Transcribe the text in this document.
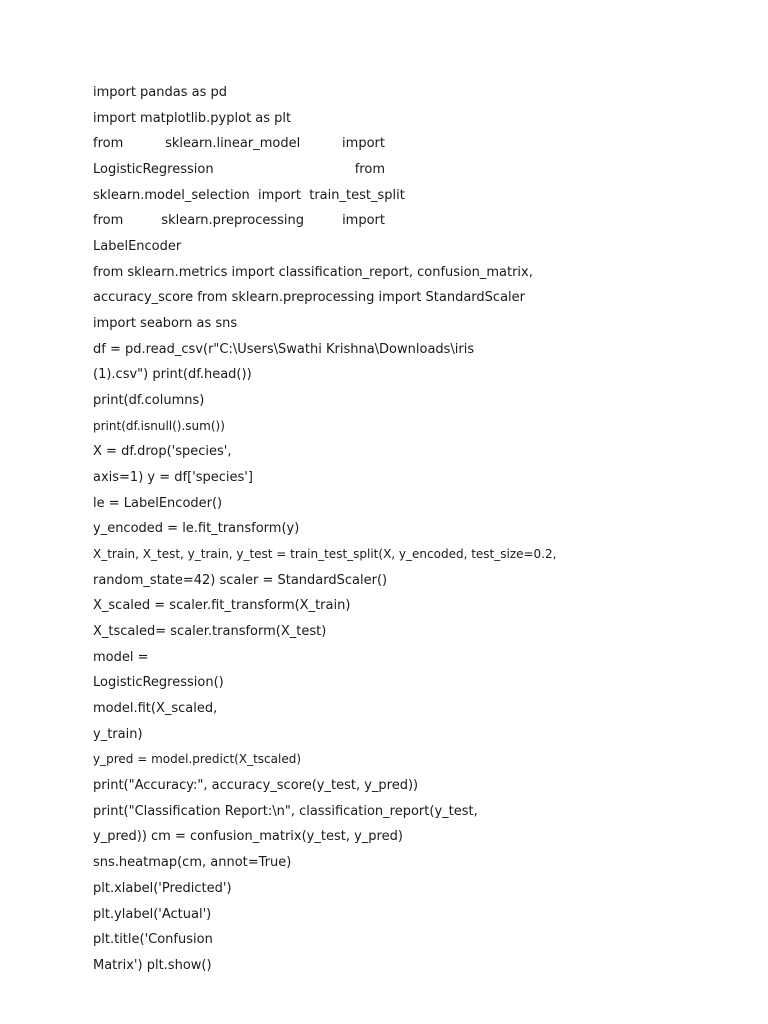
import pandas as pd
import matplotlib.pyplot as plt
from	sklearn.linear_model	import
LogisticRegression	from
sklearn.model_selection  import  train_test_split
from	sklearn.preprocessing	import
LabelEncoder
from sklearn.metrics import classification_report, confusion_matrix,
accuracy_score from sklearn.preprocessing import StandardScaler
import seaborn as sns
df = pd.read_csv(r"C:\Users\Swathi Krishna\Downloads\iris
(1).csv") print(df.head())
print(df.columns)
print(df.isnull().sum())
X = df.drop('species',
axis=1) y = df['species']
le = LabelEncoder()
y_encoded = le.fit_transform(y)
X_train, X_test, y_train, y_test = train_test_split(X, y_encoded, test_size=0.2,
random_state=42) scaler = StandardScaler()
X_scaled = scaler.fit_transform(X_train)
X_tscaled= scaler.transform(X_test)
model =
LogisticRegression()
model.fit(X_scaled,
y_train)
y_pred = model.predict(X_tscaled)
print("Accuracy:", accuracy_score(y_test, y_pred))
print("Classification Report:\n", classification_report(y_test,
y_pred)) cm = confusion_matrix(y_test, y_pred)
sns.heatmap(cm, annot=True)
plt.xlabel('Predicted')
plt.ylabel('Actual')
plt.title('Confusion
Matrix') plt.show()
